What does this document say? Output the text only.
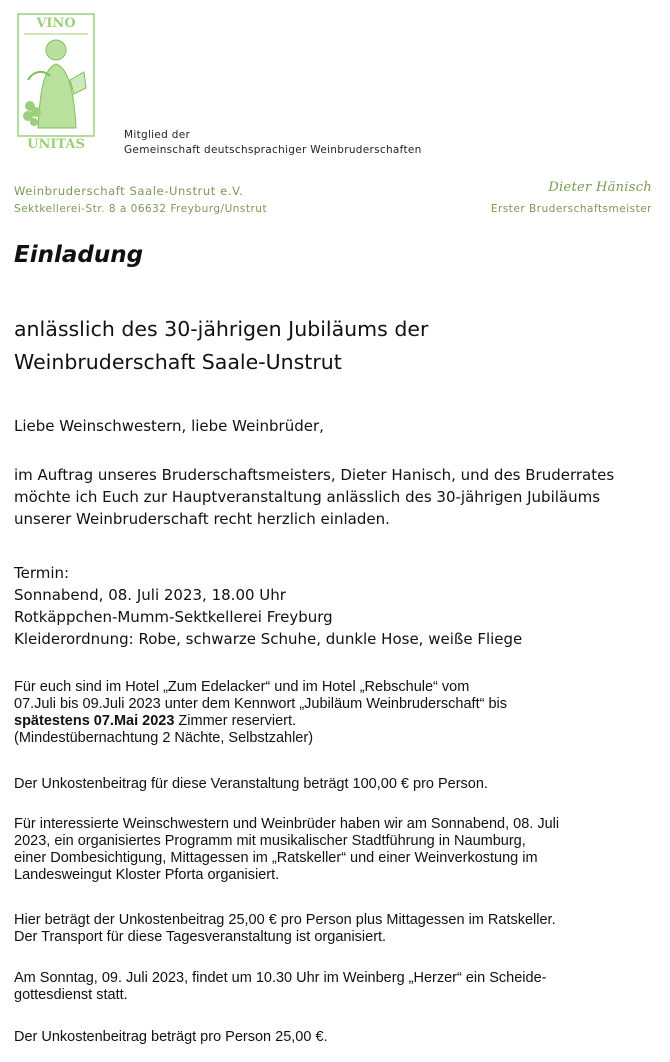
VINO
UNITAS
Mitglied der
Gemeinschaft deutschsprachiger Weinbruderschaften
Weinbruderschaft Saale-Unstrut e.V.
Sektkellerei-Str. 8 a 06632 Freyburg/Unstrut
Dieter Hänisch
Erster Bruderschaftsmeister
Einladung
anlässlich des 30-jährigen Jubiläums der
Weinbruderschaft Saale-Unstrut
Liebe Weinschwestern, liebe Weinbrüder,
im Auftrag unseres Bruderschaftsmeisters, Dieter Hanisch, und des Bruderrates
möchte ich Euch zur Hauptveranstaltung anlässlich des 30-jährigen Jubiläums
unserer Weinbruderschaft recht herzlich einladen.
Termin:
Sonnabend, 08. Juli 2023, 18.00 Uhr
Rotkäppchen-Mumm-Sektkellerei Freyburg
Kleiderordnung: Robe, schwarze Schuhe, dunkle Hose, weiße Fliege
Für euch sind im Hotel „Zum Edelacker“ und im Hotel „Rebschule“ vom
07.Juli bis 09.Juli 2023 unter dem Kennwort „Jubiläum Weinbruderschaft“ bis
spätestens 07.Mai 2023 Zimmer reserviert.
(Mindestübernachtung 2 Nächte, Selbstzahler)
Der Unkostenbeitrag für diese Veranstaltung beträgt 100,00 € pro Person.
Für interessierte Weinschwestern und Weinbrüder haben wir am Sonnabend, 08. Juli
2023, ein organisiertes Programm mit musikalischer Stadtführung in Naumburg,
einer Dombesichtigung, Mittagessen im „Ratskeller“ und einer Weinverkostung im
Landesweingut Kloster Pforta organisiert.
Hier beträgt der Unkostenbeitrag 25,00 € pro Person plus Mittagessen im Ratskeller.
Der Transport für diese Tagesveranstaltung ist organisiert.
Am Sonntag, 09. Juli 2023, findet um 10.30 Uhr im Weinberg „Herzer“ ein Scheide-
gottesdienst statt.
Der Unkostenbeitrag beträgt pro Person 25,00 €.
